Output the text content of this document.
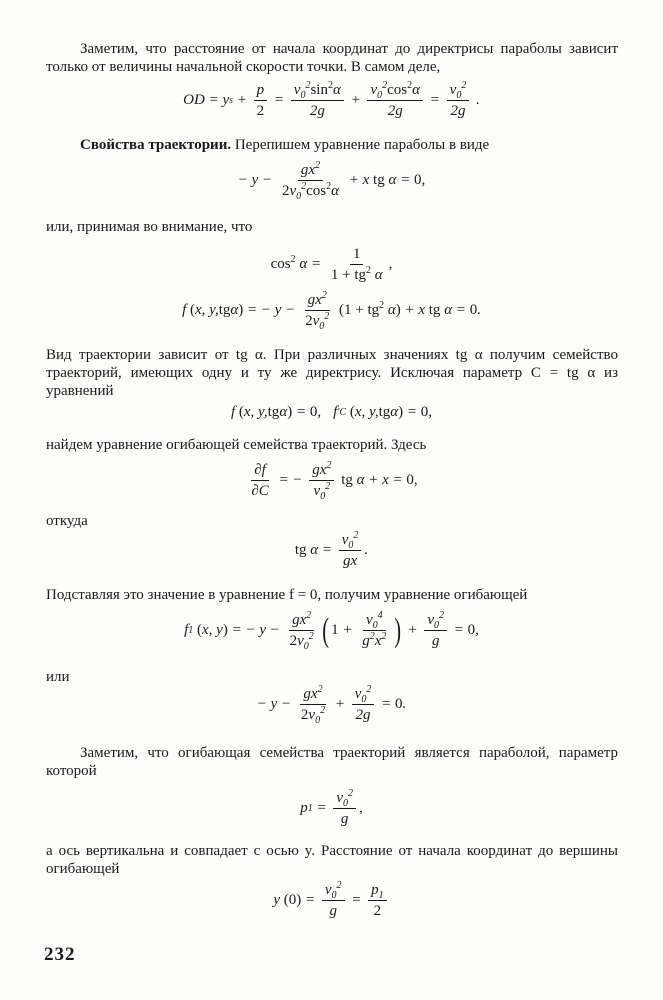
Заметим, что расстояние от начала координат до директрисы параболы зависит только от величины начальной скорости точки. В самом деле,

OD = y $s + \frac{p}{2} = \frac{v_0^2\sin^2\alpha}{2g} + \frac{v_0^2\cos^2\alpha}{2g} = \frac{v_0^2}{2g}$ .

Свойства траектории. Перепишем уравнение параболы в виде

− $y - \frac{gx^2}{2v_0^2\cos^2\alpha} + x$ tg α = 0 ,

или, принимая во внимание, что

$\cos^2 \alpha = \frac{1}{1 + tg^2 \alpha}$ ,
f ( x, y, tg α ) = − $y - \frac{gx^2}{2v_0^2}$
($1 + tg^2$ α ) + x tg α = 0 .

Вид траектории зависит от tg α. При различных значениях tg α получим семейство траекторий, имеющих одну и ту же директрису. Исключая параметр C = tg α из уравнений

f ( x, y, tg α ) = 0 , f ′ C
( x, y, tg α ) = 0 ,

найдем уравнение огибающей семейства траекторий. Здесь

$\frac{\partial f}{\partial C}$ = − $\frac{gx^2}{v_0^2}$
tg α + x = 0 ,

откуда

tg $\alpha = \frac{v_0^2}{gx}$ .

Подставляя это значение в уравнение f = 0, получим уравнение огибающей

f 1
( x, y ) = − $y - \frac{gx^2}{2v_0^2}$ ( $1 + \frac{v_0^4}{g^2x^2}$ ) + $\frac{v_0^2}{g} = 0$ ,

или

− $y - \frac{gx^2}{2v_0^2} + \frac{v_0^2}{2g} = 0$ .

Заметим, что огибающая семейства траекторий является параболой, параметр которой

p $1 = \frac{v_0^2}{g}$ ,

а ось вертикальна и совпадает с осью y. Расстояние от начала координат до вершины огибающей

y $(0) = \frac{v_0^2}{g} = \frac{p_1}{2}$
232
